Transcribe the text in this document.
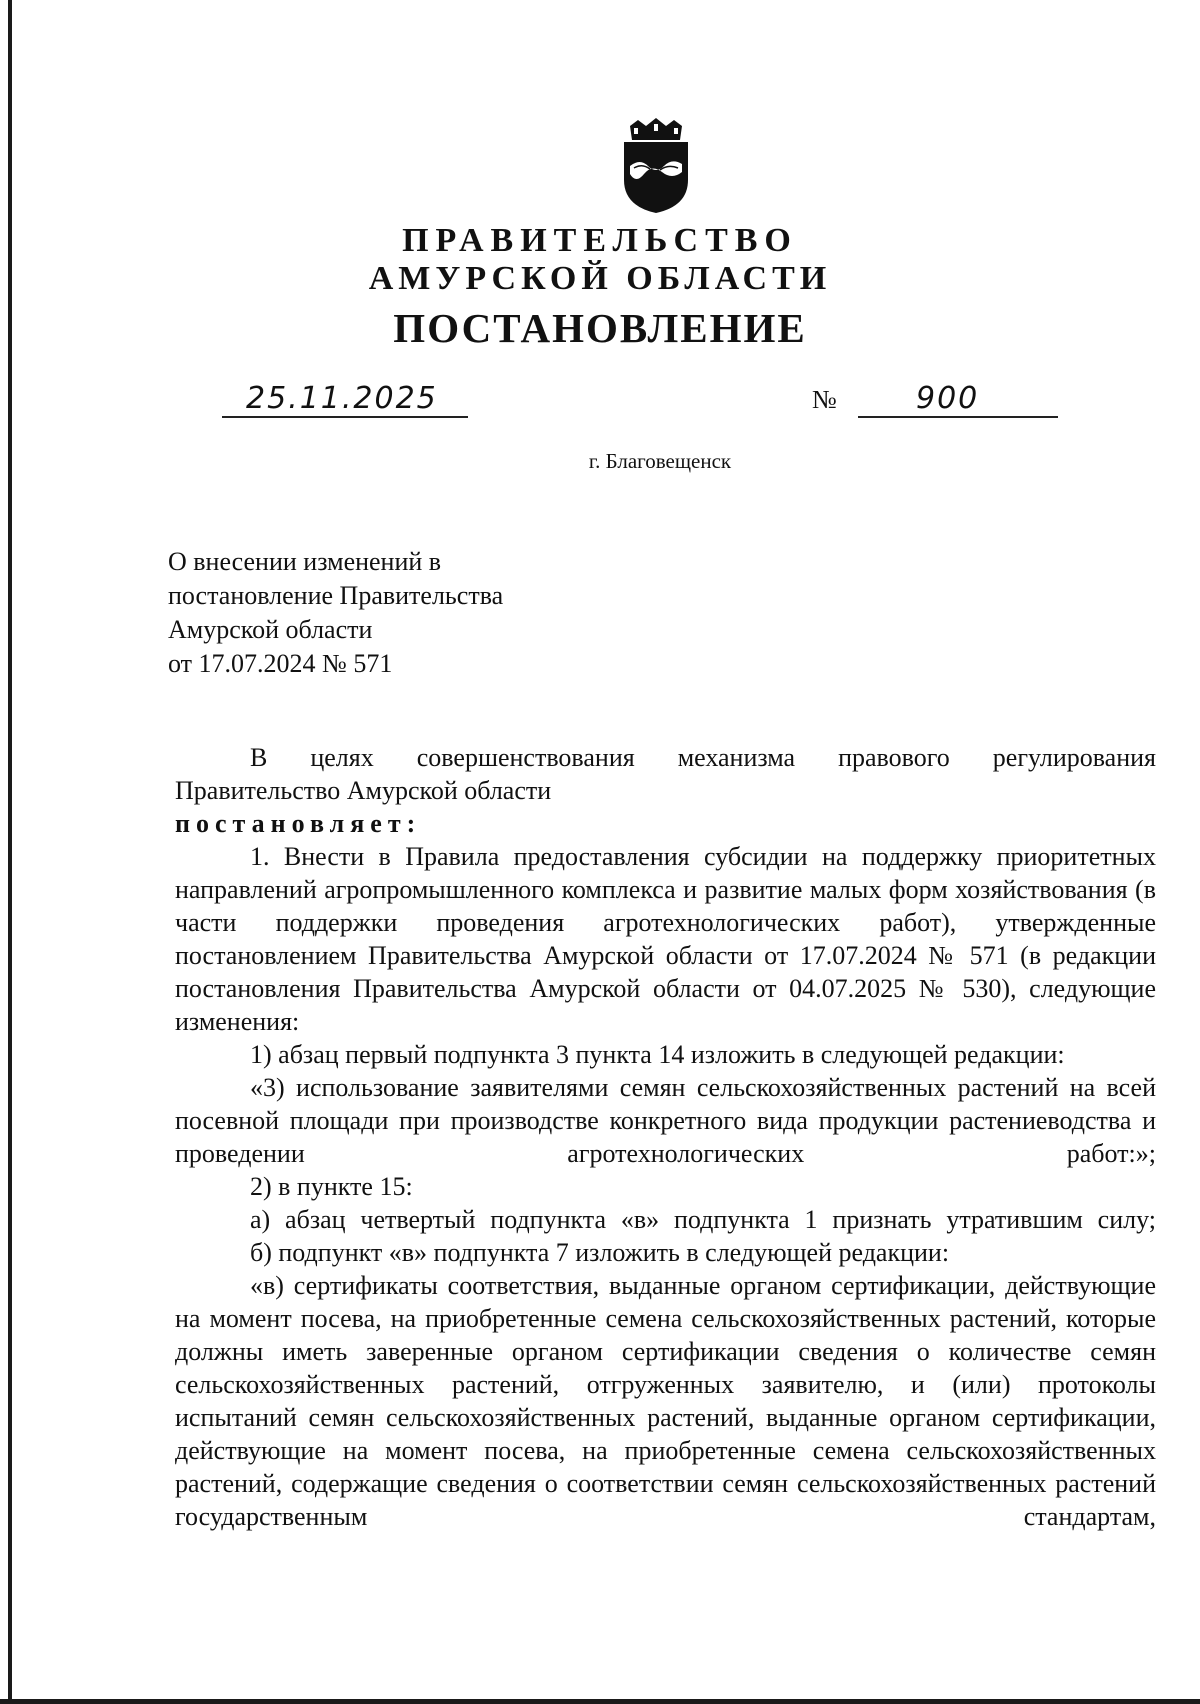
ПРАВИТЕЛЬСТВО
АМУРСКОЙ ОБЛАСТИ
ПОСТАНОВЛЕНИЕ
25.11.2025	№	900

г. Благовещенск

О внесении изменений в
постановление Правительства
Амурской области
от 17.07.2024 № 571

В целях совершенствования механизма правового регулирования

Правительство Амурской области

постановляет:

1. Внести в Правила предоставления субсидии на поддержку приоритетных направлений агропромышленного комплекса и развитие малых форм хозяйствования (в части поддержки проведения агротехнологических работ), утвержденные постановлением Правительства Амурской области от 17.07.2024 № 571 (в редакции постановления Правительства Амурской области от 04.07.2025 № 530), следующие изменения:

1) абзац первый подпункта 3 пункта 14 изложить в следующей редакции:

«3) использование заявителями семян сельскохозяйственных растений на всей посевной площади при производстве конкретного вида продукции растениеводства и проведении агротехнологических работ:»;

2) в пункте 15:

а) абзац четвертый подпункта «в» подпункта 1 признать утратившим силу;

б) подпункт «в» подпункта 7 изложить в следующей редакции:

«в) сертификаты соответствия, выданные органом сертификации, действующие на момент посева, на приобретенные семена сельскохозяйственных растений, которые должны иметь заверенные органом сертификации сведения о количестве семян сельскохозяйственных растений, отгруженных заявителю, и (или) протоколы испытаний семян сельскохозяйственных растений, выданные органом сертификации, действующие на момент посева, на приобретенные семена сельскохозяйственных растений, содержащие сведения о соответствии семян сельскохозяйственных растений государственным стандартам,
